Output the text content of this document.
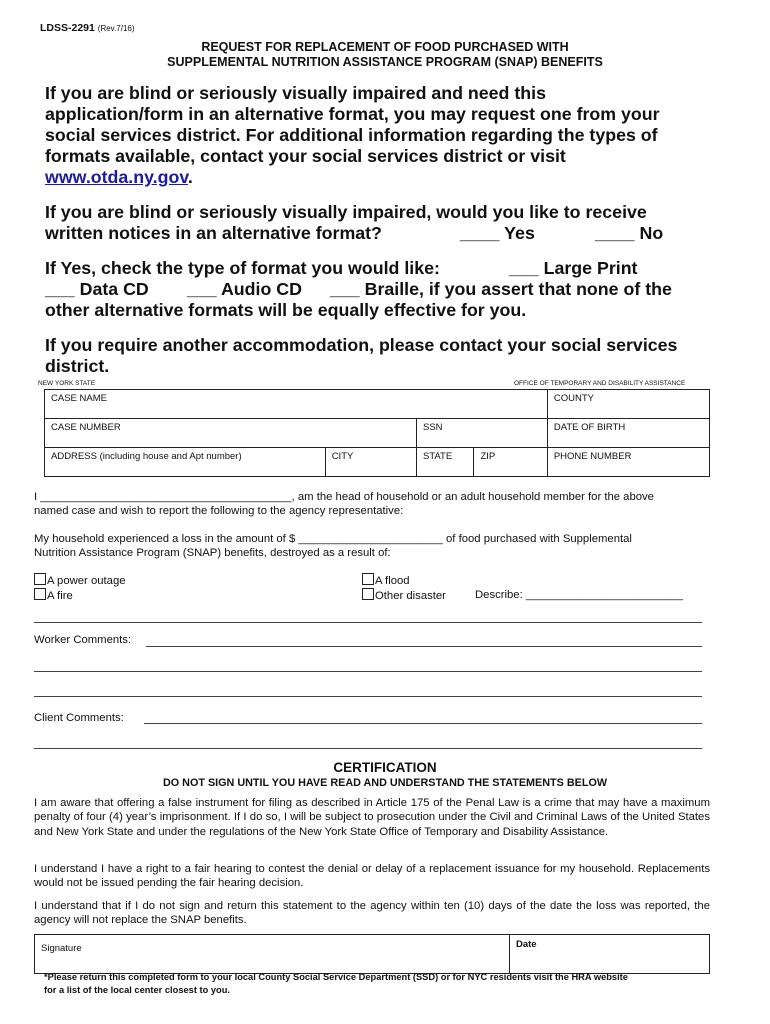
LDSS-2291 (Rev.7/16)
REQUEST FOR REPLACEMENT OF FOOD PURCHASED WITH
SUPPLEMENTAL NUTRITION ASSISTANCE PROGRAM (SNAP) BENEFITS
If you are blind or seriously visually impaired and need this
application/form in an alternative format, you may request one from your
social services district. For additional information regarding the types of
formats available, contact your social services district or visit
www.otda.ny.gov.
If you are blind or seriously visually impaired, would you like to receive
written notices in an alternative format?	____ Yes	____ No
If Yes, check the type of format you would like:	___ Large Print
___ Data CD ___ Audio CD ___ Braille, if you assert that none of the
other alternative formats will be equally effective for you.
If you require another accommodation, please contact your social services
district.
NEW YORK STATE	OFFICE OF TEMPORARY AND DISABILITY ASSISTANCE
CASE NAME				COUNTY
CASE NUMBER		SSN		DATE OF BIRTH
ADDRESS (including house and Apt number)	CITY	STATE	ZIP	PHONE NUMBER
I ________________________________________, am the head of household or an adult household member for the above
named case and wish to report the following to the agency representative:
My household experienced a loss in the amount of $ _______________________ of food purchased with Supplemental
Nutrition Assistance Program (SNAP) benefits, destroyed as a result of:
A power outage
A fire
A flood
Other disaster	Describe: _________________________
Worker Comments:
Client Comments:
CERTIFICATION
DO NOT SIGN UNTIL YOU HAVE READ AND UNDERSTAND THE STATEMENTS BELOW
I am aware that offering a false instrument for filing as described in Article 175 of the Penal Law is a crime that may have a maximum penalty of four (4) year’s imprisonment. If I do so, I will be subject to prosecution under the Civil and Criminal Laws of the United States and New York State and under the regulations of the New York State Office of Temporary and Disability Assistance.
I understand I have a right to a fair hearing to contest the denial or delay of a replacement issuance for my household. Replacements would not be issued pending the fair hearing decision.
I understand that if I do not sign and return this statement to the agency within ten (10) days of the date the loss was reported, the agency will not replace the SNAP benefits.
Signature	Date
*Please return this completed form to your local County Social Service Department (SSD) or for NYC residents visit the HRA website
for a list of the local center closest to you.
